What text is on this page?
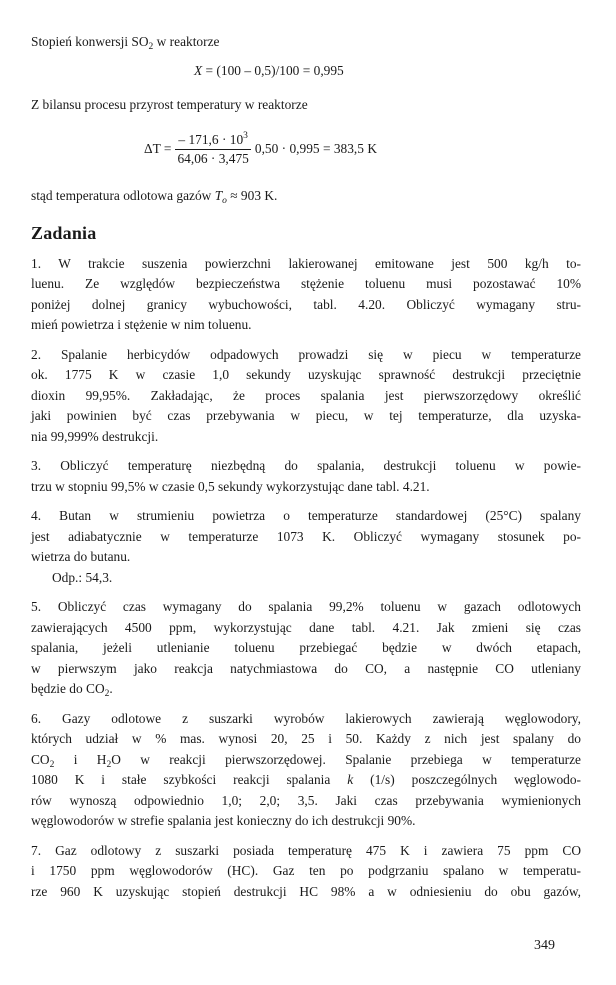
Stopień konwersji $SO_2$ w reaktorze

X = (100 – 0,5)/100 = 0,995

Z bilansu procesu przyrost temperatury w reaktorze

$\Delta T = \frac{- 171,6 \cdot 10^3}{64,06 \cdot 3,475} 0,50 \cdot 0,995 = 383,5$ K

stąd temperatura odlotowa gazów $T_o \approx 903$ K.

Zadania

1. W trakcie suszenia powierzchni lakierowanej emitowane jest 500 kg/h to-

luenu. Ze względów bezpieczeństwa stężenie toluenu musi pozostawać 10%

poniżej dolnej granicy wybuchowości, tabl. 4.20. Obliczyć wymagany stru-

mień powietrza i stężenie w nim toluenu.

2. Spalanie herbicydów odpadowych prowadzi się w piecu w temperaturze

ok. 1775 K w czasie 1,0 sekundy uzyskując sprawność destrukcji przeciętnie

dioxin 99,95%. Zakładając, że proces spalania jest pierwszorzędowy określić

jaki powinien być czas przebywania w piecu, w tej temperaturze, dla uzyska-

nia 99,999% destrukcji.

3. Obliczyć temperaturę niezbędną do spalania, destrukcji toluenu w powie-

trzu w stopniu 99,5% w czasie 0,5 sekundy wykorzystując dane tabl. 4.21.

4. Butan w strumieniu powietrza o temperaturze standardowej (25°C) spalany

jest adiabatycznie w temperaturze 1073 K. Obliczyć wymagany stosunek po-

wietrza do butanu.

Odp.: 54,3.

5. Obliczyć czas wymagany do spalania 99,2% toluenu w gazach odlotowych

zawierających 4500 ppm, wykorzystując dane tabl. 4.21. Jak zmieni się czas

spalania, jeżeli utlenianie toluenu przebiegać będzie w dwóch etapach,

w pierwszym jako reakcja natychmiastowa do CO, a następnie CO utleniany

będzie do $CO_2$.

6. Gazy odlotowe z suszarki wyrobów lakierowych zawierają węglowodory,

których udział w % mas. wynosi 20, 25 i 50. Każdy z nich jest spalany do

$CO_2$ i $H_2O$ w reakcji pierwszorzędowej. Spalanie przebiega w temperaturze

1080 K i stałe szybkości reakcji spalania k (1/s) poszczególnych węglowodo-

rów wynoszą odpowiednio 1,0; 2,0; 3,5. Jaki czas przebywania wymienionych

węglowodorów w strefie spalania jest konieczny do ich destrukcji 90%.

7. Gaz odlotowy z suszarki posiada temperaturę 475 K i zawiera 75 ppm CO

i 1750 ppm węglowodorów (HC). Gaz ten po podgrzaniu spalano w temperatu-

rze 960 K uzyskując stopień destrukcji HC 98% a w odniesieniu do obu gazów,

349
